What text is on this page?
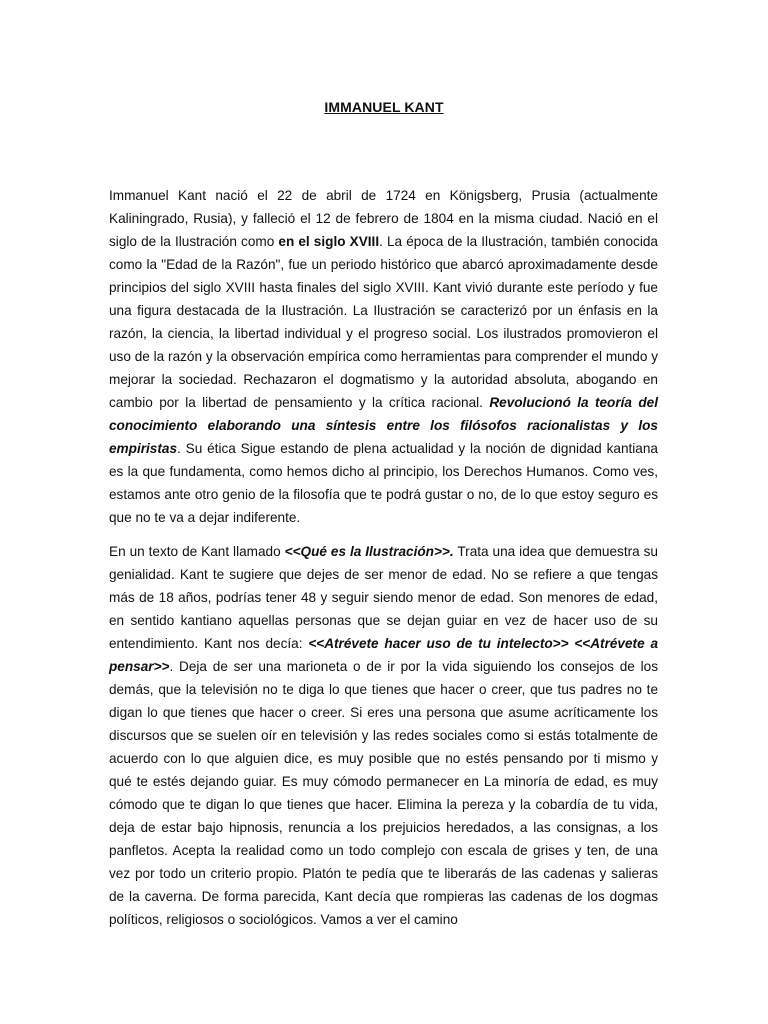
IMMANUEL KANT

Immanuel Kant nació el 22 de abril de 1724 en Königsberg, Prusia (actualmente Kaliningrado, Rusia), y falleció el 12 de febrero de 1804 en la misma ciudad. Nació en el siglo de la Ilustración como en el siglo XVIII. La época de la Ilustración, también conocida como la "Edad de la Razón", fue un periodo histórico que abarcó aproximadamente desde principios del siglo XVIII hasta finales del siglo XVIII. Kant vivió durante este período y fue una figura destacada de la Ilustración. La Ilustración se caracterizó por un énfasis en la razón, la ciencia, la libertad individual y el progreso social. Los ilustrados promovieron el uso de la razón y la observación empírica como herramientas para comprender el mundo y mejorar la sociedad. Rechazaron el dogmatismo y la autoridad absoluta, abogando en cambio por la libertad de pensamiento y la crítica racional. Revolucionó la teoría del conocimiento elaborando una síntesis entre los filósofos racionalistas y los empiristas. Su ética Sigue estando de plena actualidad y la noción de dignidad kantiana es la que fundamenta, como hemos dicho al principio, los Derechos Humanos. Como ves, estamos ante otro genio de la filosofía que te podrá gustar o no, de lo que estoy seguro es que no te va a dejar indiferente.

En un texto de Kant llamado <<Qué es la Ilustración>>. Trata una idea que demuestra su genialidad. Kant te sugiere que dejes de ser menor de edad. No se refiere a que tengas más de 18 años, podrías tener 48 y seguir siendo menor de edad. Son menores de edad, en sentido kantiano aquellas personas que se dejan guiar en vez de hacer uso de su entendimiento. Kant nos decía: <<Atrévete hacer uso de tu intelecto>> <<Atrévete a pensar>>. Deja de ser una marioneta o de ir por la vida siguiendo los consejos de los demás, que la televisión no te diga lo que tienes que hacer o creer, que tus padres no te digan lo que tienes que hacer o creer. Si eres una persona que asume acríticamente los discursos que se suelen oír en televisión y las redes sociales como si estás totalmente de acuerdo con lo que alguien dice, es muy posible que no estés pensando por ti mismo y qué te estés dejando guiar. Es muy cómodo permanecer en La minoría de edad, es muy cómodo que te digan lo que tienes que hacer. Elimina la pereza y la cobardía de tu vida, deja de estar bajo hipnosis, renuncia a los prejuicios heredados, a las consignas, a los panfletos. Acepta la realidad como un todo complejo con escala de grises y ten, de una vez por todo un criterio propio. Platón te pedía que te liberarás de las cadenas y salieras de la caverna. De forma parecida, Kant decía que rompieras las cadenas de los dogmas políticos, religiosos o sociológicos. Vamos a ver el camino
